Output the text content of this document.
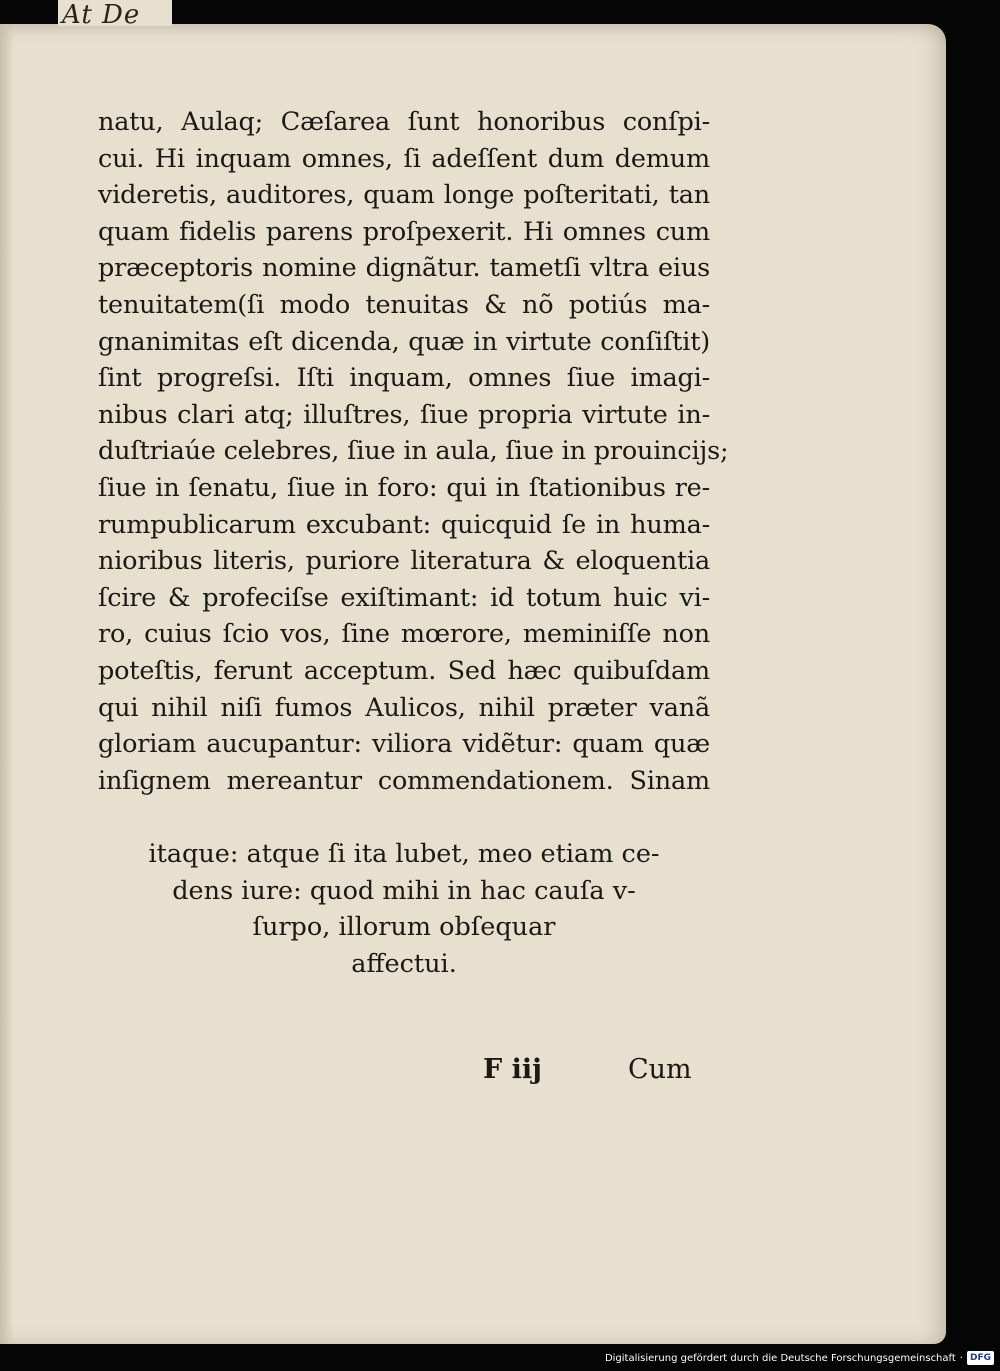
natu, Aulaq; Cæſarea ſunt honoribus conſpi-
cui. Hi inquam omnes, ſi adeſſent dum demum
videretis, auditores, quam longe poſteritati, tan
quam fidelis parens proſpexerit. Hi omnes cum
præceptoris nomine dignãtur. tametſi vltra eius
tenuitatem(ſi modo tenuitas & nõ potiús ma-
gnanimitas eſt dicenda, quæ in virtute conſiſtit)
ſint progreſsi. Iſti inquam, omnes ſiue imagi-
nibus clari atq; illuſtres, ſiue propria virtute in-
duſtriaúe celebres, ſiue in aula, ſiue in prouincijs;
ſiue in ſenatu, ſiue in foro: qui in ſtationibus re-
rumpublicarum excubant: quicquid ſe in huma-
nioribus literis, puriore literatura & eloquentia
ſcire & profeciſse exiſtimant: id totum huic vi-
ro, cuius ſcio vos, ſine mœrore, meminiſſe non
poteſtis, ferunt acceptum. Sed hæc quibuſdam
qui nihil niſi fumos Aulicos, nihil præter vanã
gloriam aucupantur: viliora vidẽtur: quam quæ
inſignem mereantur commendationem. Sinam
itaque: atque ſi ita lubet, meo etiam ce-
dens iure: quod mihi in hac cauſa v-
ſurpo, illorum obſequar
affectui.
F iij	Cum
At De
Digitalisierung gefördert durch die Deutsche Forschungsgemeinschaft · DFG
